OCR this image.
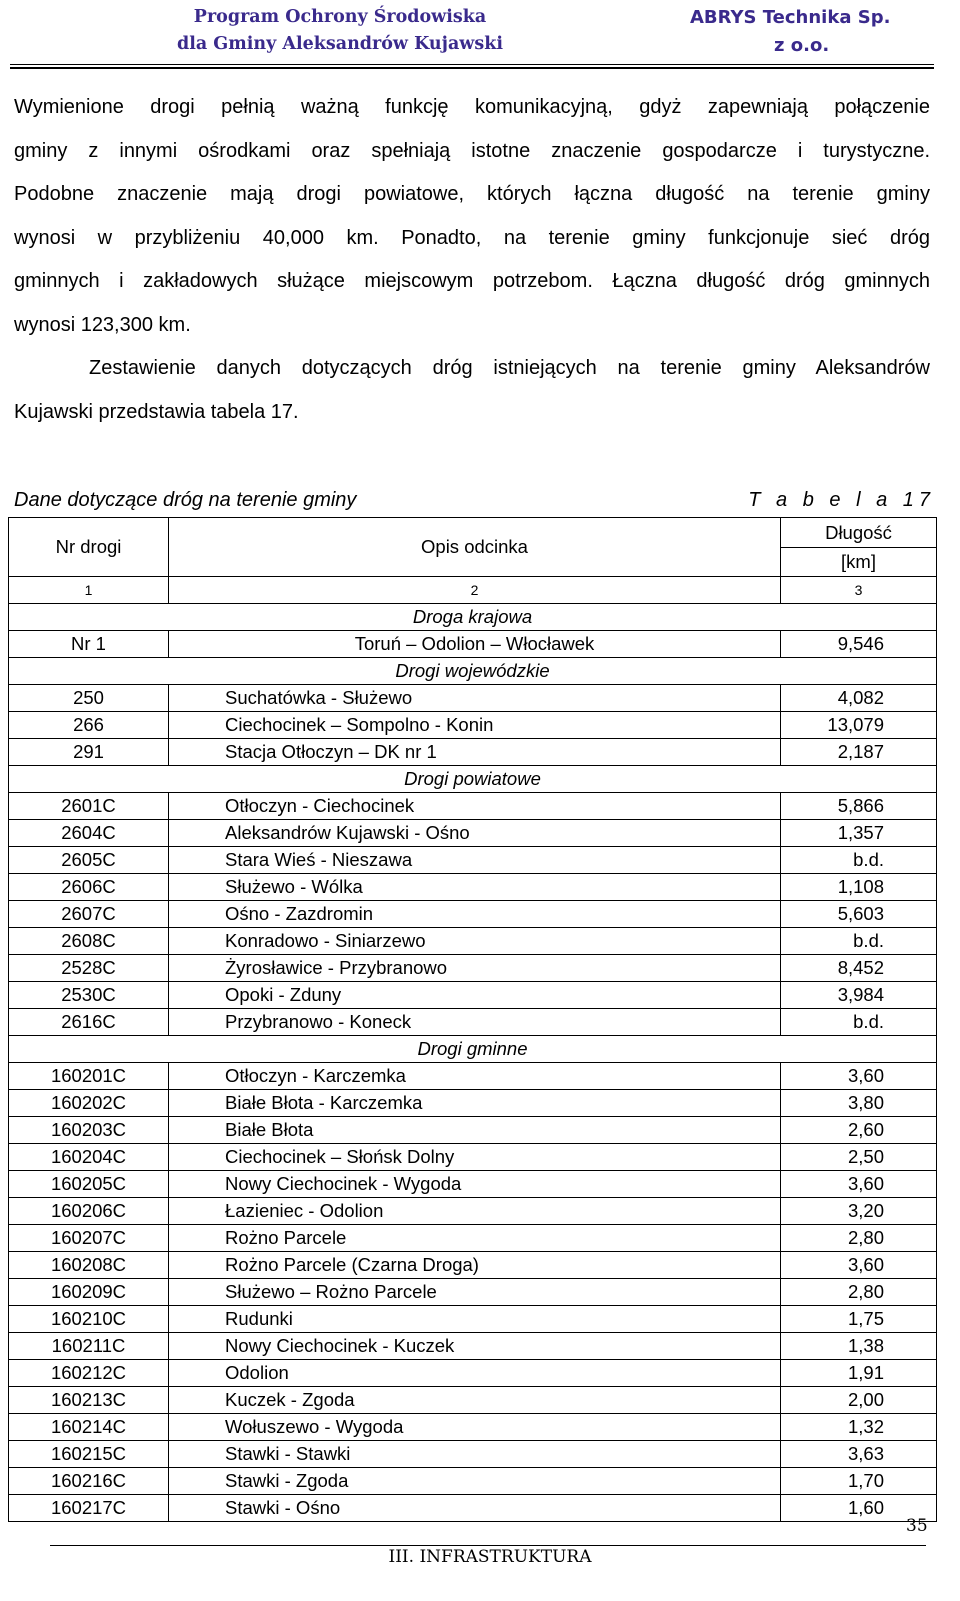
Program Ochrony Środowiska
dla Gminy Aleksandrów Kujawski
ABRYS Technika Sp.
z o.o.

Wymienione drogi pełnią ważną funkcję komunikacyjną, gdyż zapewniają połączenie

gminy z innymi ośrodkami oraz spełniają istotne znaczenie gospodarcze i turystyczne.

Podobne znaczenie mają drogi powiatowe, których łączna długość na terenie gminy

wynosi w przybliżeniu 40,000 km. Ponadto, na terenie gminy funkcjonuje sieć dróg

gminnych i zakładowych służące miejscowym potrzebom. Łączna długość dróg gminnych

wynosi 123,300 km.

Zestawienie danych dotyczących dróg istniejących na terenie gminy Aleksandrów

Kujawski przedstawia tabela 17.

Dane dotyczące dróg na terenie gminy	T a b e l a 17
Nr drogi	Opis odcinka	Długość
[km]

1	2	3
Droga krajowa		
Nr 1	Toruń – Odolion – Włocławek	9,546
Drogi wojewódzkie		
250	Suchatówka - Służewo	4,082
266	Ciechocinek – Sompolno - Konin	13,079
291	Stacja Otłoczyn – DK nr 1	2,187
Drogi powiatowe		
2601C	Otłoczyn - Ciechocinek	5,866
2604C	Aleksandrów Kujawski - Ośno	1,357
2605C	Stara Wieś - Nieszawa	b.d.
2606C	Służewo - Wólka	1,108
2607C	Ośno - Zazdromin	5,603
2608C	Konradowo - Siniarzewo	b.d.
2528C	Żyrosławice - Przybranowo	8,452
2530C	Opoki - Zduny	3,984
2616C	Przybranowo - Koneck	b.d.
Drogi gminne		
160201C	Otłoczyn - Karczemka	3,60
160202C	Białe Błota - Karczemka	3,80
160203C	Białe Błota	2,60
160204C	Ciechocinek – Słońsk Dolny	2,50
160205C	Nowy Ciechocinek - Wygoda	3,60
160206C	Łazieniec - Odolion	3,20
160207C	Rożno Parcele	2,80
160208C	Rożno Parcele (Czarna Droga)	3,60
160209C	Służewo – Rożno Parcele	2,80
160210C	Rudunki	1,75
160211C	Nowy Ciechocinek - Kuczek	1,38
160212C	Odolion	1,91
160213C	Kuczek - Zgoda	2,00
160214C	Wołuszewo - Wygoda	1,32
160215C	Stawki - Stawki	3,63
160216C	Stawki - Zgoda	1,70
160217C	Stawki - Ośno	1,60
35
III. INFRASTRUKTURA
